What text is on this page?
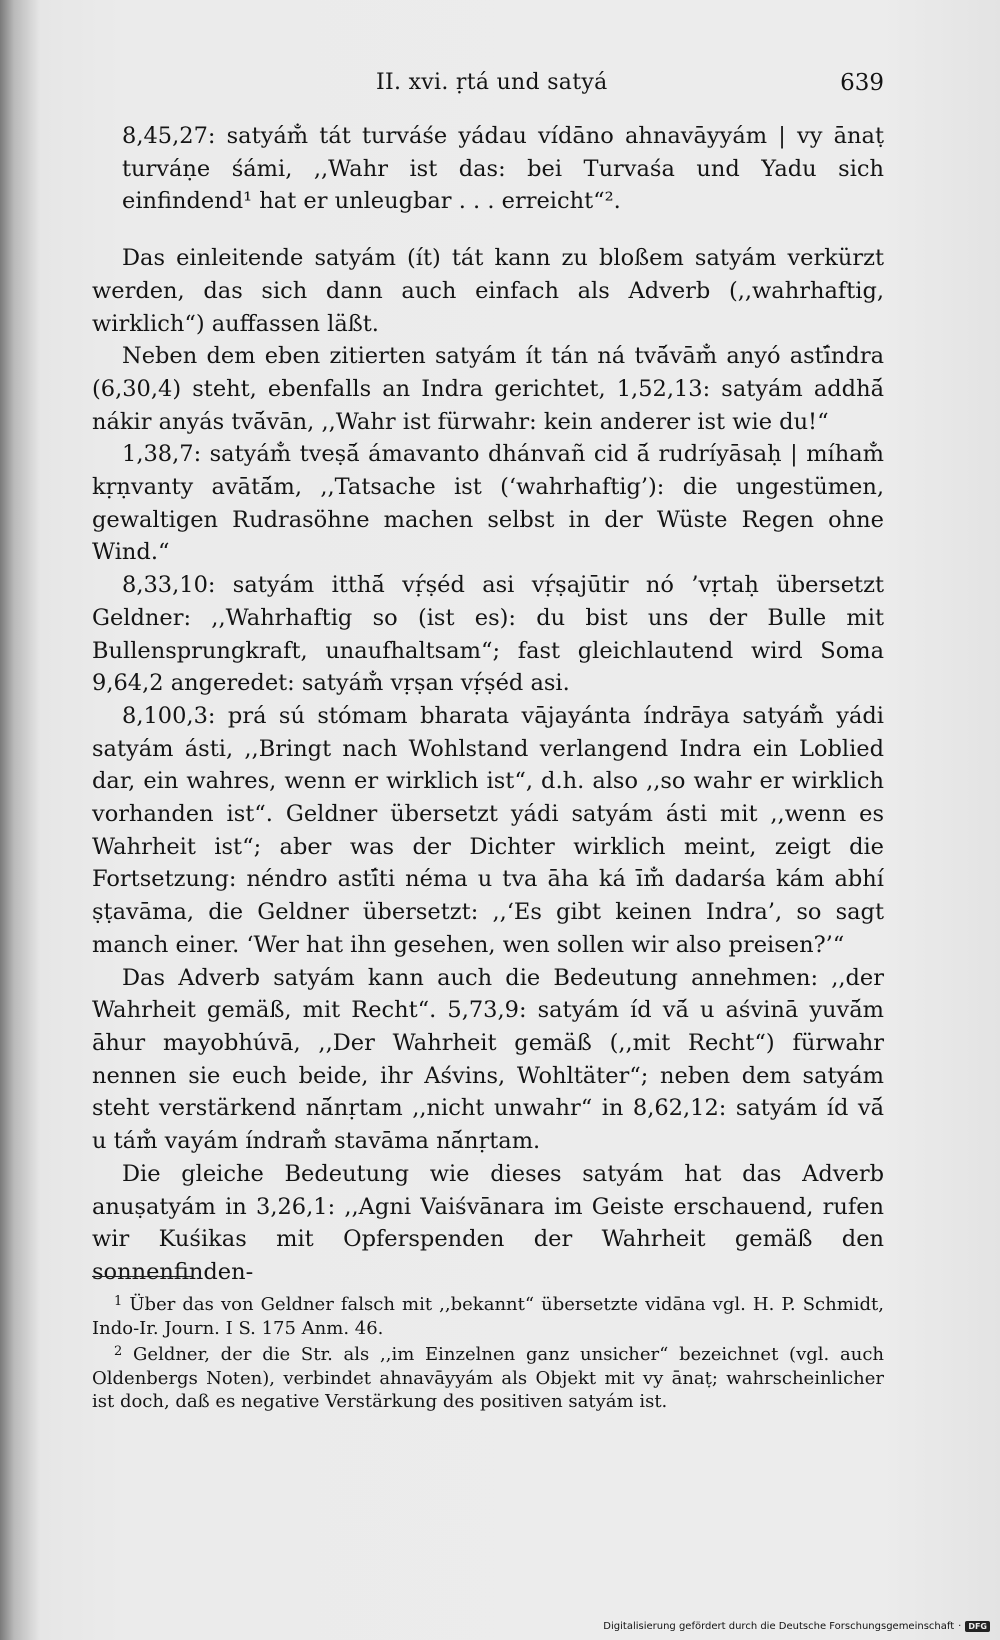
II. xvi. ṛtá und satyá	639

8,45,27: satyám̐ tát turváśe yádau vídāno ahnavāyyám | vy ānaṭ turváṇe śámi, ,,Wahr ist das: bei Turvaśa und Yadu sich einfindend¹ hat er unleugbar . . . erreicht“².

Das einleitende satyám (ít) tát kann zu bloßem satyám verkürzt werden, das sich dann auch einfach als Adverb (,,wahrhaftig, wirklich“) auffassen läßt.

Neben dem eben zitierten satyám ít tán ná tvā́vām̐ anyó astī́ndra (6,30,4) steht, ebenfalls an Indra gerichtet, 1,52,13: satyám addhā́ nákir anyás tvā́vān, ,,Wahr ist fürwahr: kein anderer ist wie du!“

1,38,7: satyám̐ tveṣā́ ámavanto dhánvañ cid ā́ rudríyāsaḥ | míham̐ kṛṇvanty avātā́m, ,,Tatsache ist (‘wahrhaftig’): die ungestümen, gewaltigen Rudrasöhne machen selbst in der Wüste Regen ohne Wind.“

8,33,10: satyám itthā́ vṛ́ṣéd asi vṛ́ṣajūtir nó ’vṛtaḥ übersetzt Geldner: ,,Wahrhaftig so (ist es): du bist uns der Bulle mit Bullensprungkraft, unaufhaltsam“; fast gleichlautend wird Soma 9,64,2 angeredet: satyám̐ vṛṣan vṛ́ṣéd asi.

8,100,3: prá sú stómam bharata vājayánta índrāya satyám̐ yádi satyám ásti, ,,Bringt nach Wohlstand verlangend Indra ein Loblied dar, ein wahres, wenn er wirklich ist“, d.h. also ,,so wahr er wirklich vorhanden ist“. Geldner übersetzt yádi satyám ásti mit ,,wenn es Wahrheit ist“; aber was der Dichter wirklich meint, zeigt die Fortsetzung: néndro astī́ti néma u tva āha ká īm̐ dadarśa kám abhí ṣṭavāma, die Geldner übersetzt: ,,‘Es gibt keinen Indra’, so sagt manch einer. ‘Wer hat ihn gesehen, wen sollen wir also preisen?’“

Das Adverb satyám kann auch die Bedeutung annehmen: ,,der Wahrheit gemäß, mit Recht“. 5,73,9: satyám íd vā́ u aśvinā yuvā́m āhur mayobhúvā, ,,Der Wahrheit gemäß (,,mit Recht“) fürwahr nennen sie euch beide, ihr Aśvins, Wohltäter“; neben dem satyám steht verstärkend nā́nṛtam ,,nicht unwahr“ in 8,62,12: satyám íd vā́ u tám̐ vayám índram̐ stavāma nā́nṛtam.

Die gleiche Bedeutung wie dieses satyám hat das Adverb anuṣatyám in 3,26,1: ,,Agni Vaiśvānara im Geiste erschauend, rufen wir Kuśikas mit Opferspenden der Wahrheit gemäß den sonnenfinden-

$^1$ Über das von Geldner falsch mit ,,bekannt“ übersetzte vidāna vgl. H. P. Schmidt, Indo-Ir. Journ. I S. 175 Anm. 46.

$^2$ Geldner, der die Str. als ,,im Einzelnen ganz unsicher“ bezeichnet (vgl. auch Oldenbergs Noten), verbindet ahnavāyyám als Objekt mit vy ānaṭ; wahrscheinlicher ist doch, daß es negative Verstärkung des positiven satyám ist.

Digitalisierung gefördert durch die Deutsche Forschungsgemeinschaft · DFG
